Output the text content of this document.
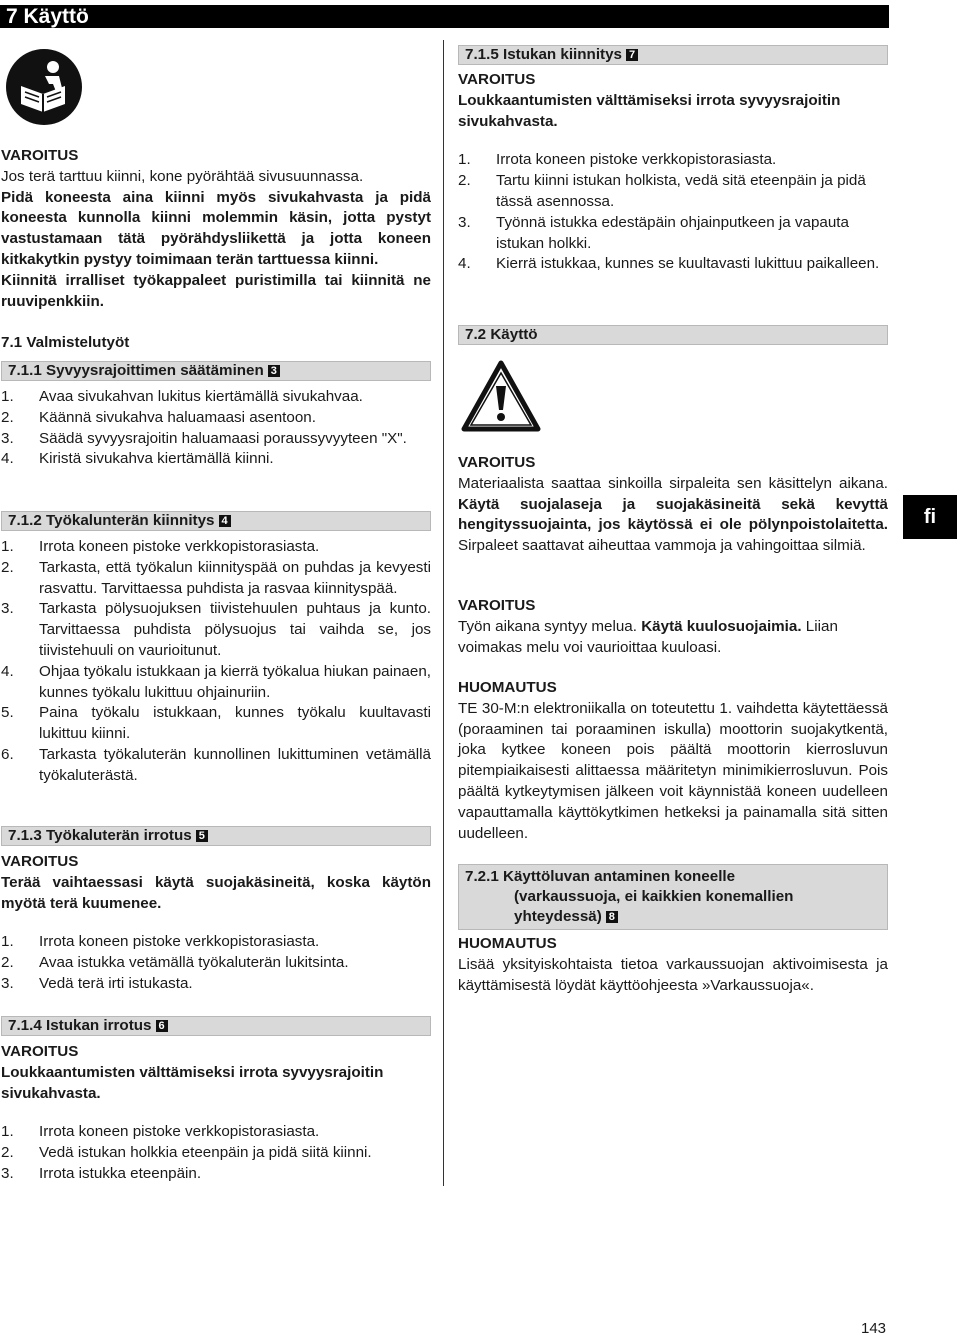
7 Käyttö
VAROITUS
Jos terä tarttuu kiinni, kone pyörähtää sivusuunnassa.
Pidä koneesta aina kiinni myös sivukahvasta ja pidä koneesta kunnolla kiinni molemmin käsin, jotta pystyt vastustamaan tätä pyörähdysliikettä ja jotta koneen kitkakytkin pystyy toimimaan terän tarttuessa kiinni.
Kiinnitä irralliset työkappaleet puristimilla tai kiinnitä ne ruuvipenkkiin.
7.1 Valmistelutyöt
7.1.1 Syvyysrajoittimen säätäminen 3
1. Avaa sivukahvan lukitus kiertämällä sivukahvaa.
2. Käännä sivukahva haluamaasi asentoon.
3. Säädä syvyysrajoitin haluamaasi poraussyvyyteen "X".
4. Kiristä sivukahva kiertämällä kiinni.
7.1.2 Työkalunterän kiinnitys 4
1. Irrota koneen pistoke verkkopistorasiasta.
2. Tarkasta, että työkalun kiinnityspää on puhdas ja kevyesti rasvattu. Tarvittaessa puhdista ja rasvaa kiinnityspää.
3. Tarkasta pölysuojuksen tiivistehuulen puhtaus ja kunto. Tarvittaessa puhdista pölysuojus tai vaihda se, jos tiivistehuuli on vaurioitunut.
4. Ohjaa työkalu istukkaan ja kierrä työkalua hiukan painaen, kunnes työkalu lukittuu ohjainuriin.
5. Paina työkalu istukkaan, kunnes työkalu kuultavasti lukittuu kiinni.
6. Tarkasta työkaluterän kunnollinen lukittuminen vetämällä työkaluterästä.
7.1.3 Työkaluterän irrotus 5
VAROITUS
Terää vaihtaessasi käytä suojakäsineitä, koska käytön myötä terä kuumenee.
1. Irrota koneen pistoke verkkopistorasiasta.
2. Avaa istukka vetämällä työkaluterän lukitsinta.
3. Vedä terä irti istukasta.
7.1.4 Istukan irrotus 6
VAROITUS
Loukkaantumisten välttämiseksi irrota syvyysrajoitin sivukahvasta.
1. Irrota koneen pistoke verkkopistorasiasta.
2. Vedä istukan holkkia eteenpäin ja pidä siitä kiinni.
3. Irrota istukka eteenpäin.
7.1.5 Istukan kiinnitys 7
VAROITUS
Loukkaantumisten välttämiseksi irrota syvyysrajoitin sivukahvasta.
1. Irrota koneen pistoke verkkopistorasiasta.
2. Tartu kiinni istukan holkista, vedä sitä eteenpäin ja pidä tässä asennossa.
3. Työnnä istukka edestäpäin ohjainputkeen ja vapauta istukan holkki.
4. Kierrä istukkaa, kunnes se kuultavasti lukittuu paikalleen.
7.2 Käyttö
VAROITUS
Materiaalista saattaa sinkoilla sirpaleita sen käsittelyn aikana. Käytä suojalaseja ja suojakäsineitä sekä kevyttä hengityssuojainta, jos käytössä ei ole pölynpoistolaitetta. Sirpaleet saattavat aiheuttaa vammoja ja vahingoittaa silmiä.
VAROITUS
Työn aikana syntyy melua. Käytä kuulosuojaimia. Liian voimakas melu voi vaurioittaa kuuloasi.
HUOMAUTUS
TE 30-M:n elektroniikalla on toteutettu 1. vaihdetta käytettäessä (poraaminen tai poraaminen iskulla) moottorin suojakytkentä, joka kytkee koneen pois päältä moottorin kierrosluvun pitempiaikaisesti alittaessa määritetyn minimikierrosluvun. Pois päältä kytkeytymisen jälkeen voit käynnistää koneen uudelleen vapauttamalla käyttökytkimen hetkeksi ja painamalla sitä sitten uudelleen.
7.2.1 Käyttöluvan antaminen koneelle
(varkaussuoja, ei kaikkien konemallien
yhteydessä) 8
HUOMAUTUS
Lisää yksityiskohtaista tietoa varkaussuojan aktivoimisesta ja käyttämisestä löydät käyttöohjeesta »Varkaussuoja«.
fi
143
